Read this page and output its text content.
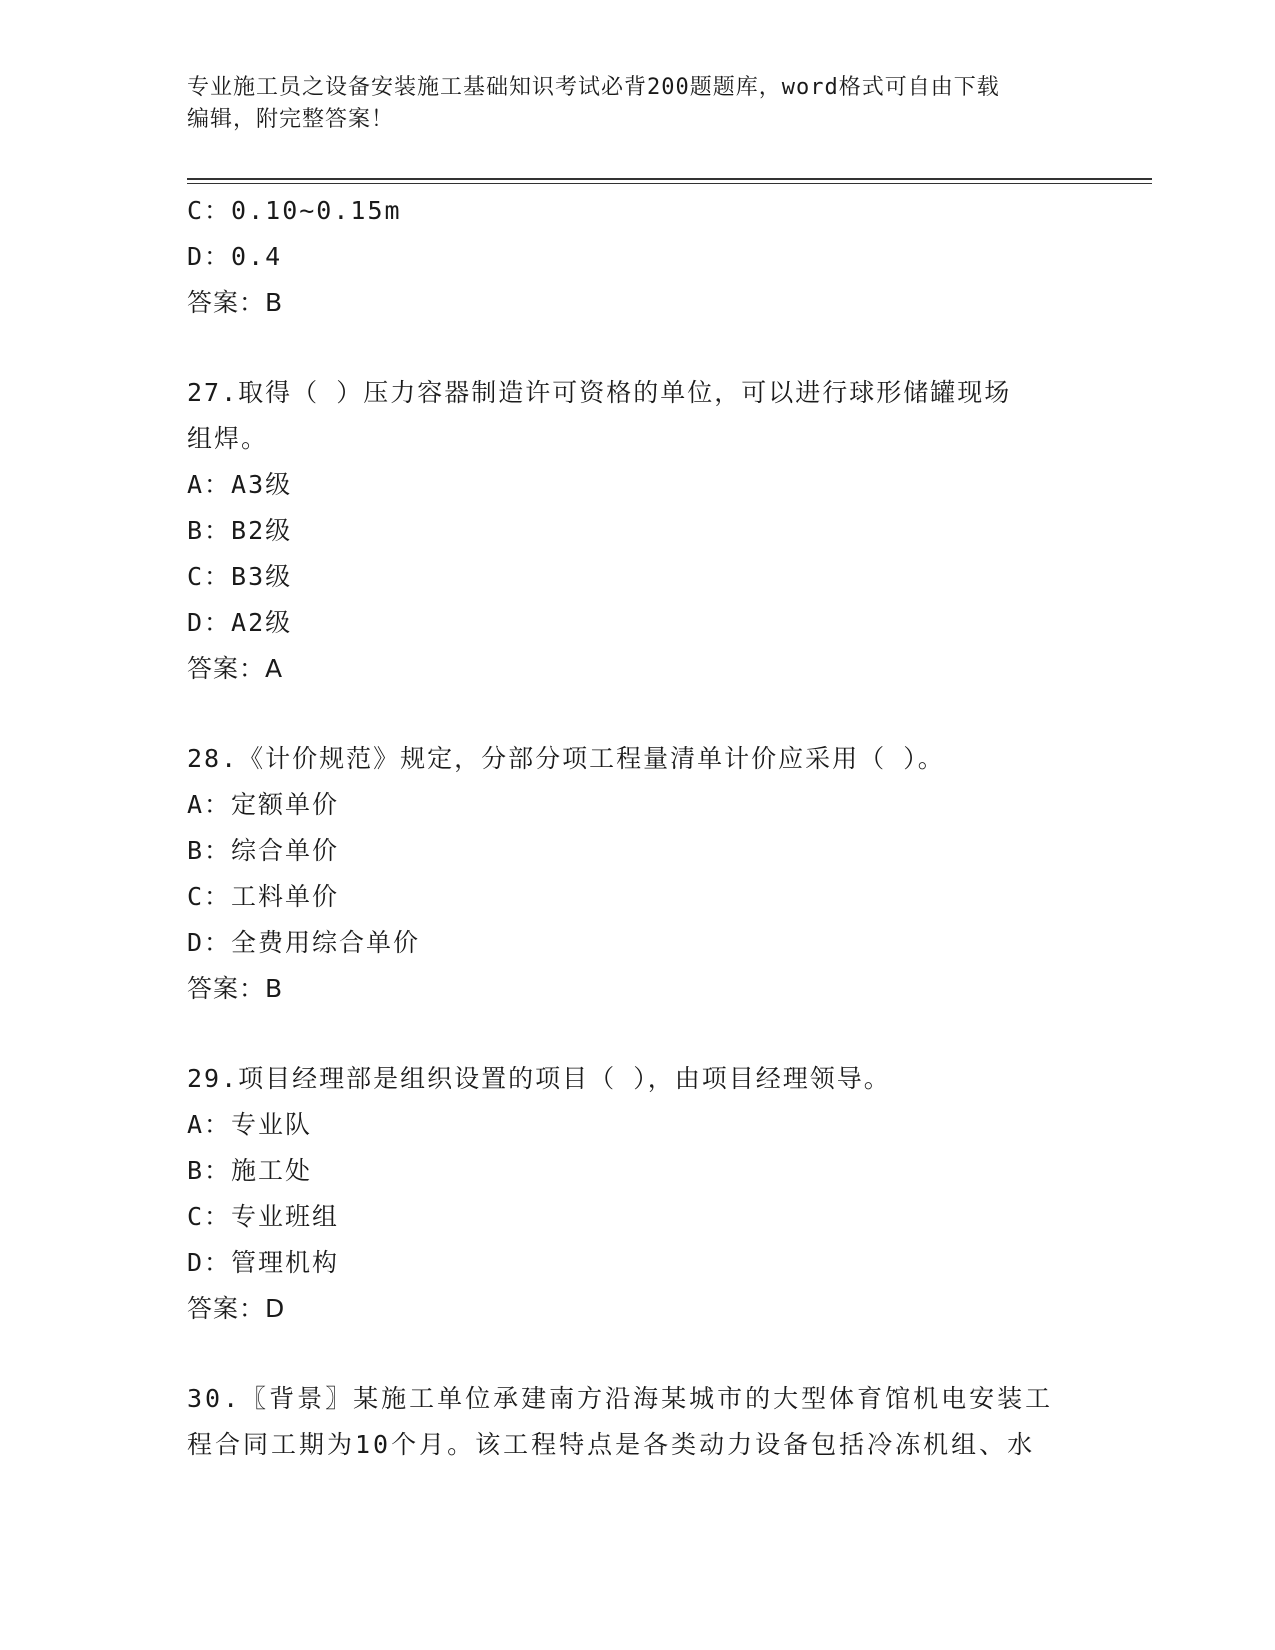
专业施工员之设备安装施工基础知识考试必背200题题库，word格式可自由下载
编辑，附完整答案！
C：0.10~0.15m
D：0.4
答案：B
27.取得（ ）压力容器制造许可资格的单位，可以进行球形储罐现场
组焊。
A：A3级
B：B2级
C：B3级
D：A2级
答案：A
28.《计价规范》规定，分部分项工程量清单计价应采用（ ）。
A：定额单价
B：综合单价
C：工料单价
D：全费用综合单价
答案：B
29.项目经理部是组织设置的项目（ ），由项目经理领导。
A：专业队
B：施工处
C：专业班组
D：管理机构
答案：D
30.〖背景〗某施工单位承建南方沿海某城市的大型体育馆机电安装工
程合同工期为10个月。该工程特点是各类动力设备包括冷冻机组、水
